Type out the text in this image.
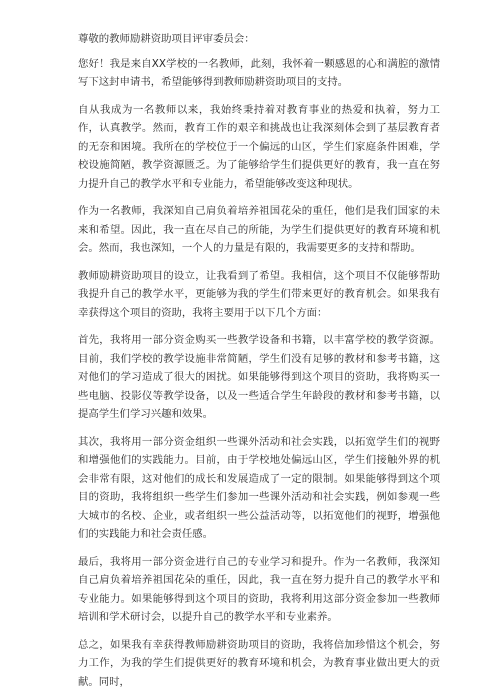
尊敬的教师励耕资助项目评审委员会：

您好！我是来自XX学校的一名教师，此刻，我怀着一颗感恩的心和满腔的激情写下这封申请书，希望能够得到教师励耕资助项目的支持。

自从我成为一名教师以来，我始终秉持着对教育事业的热爱和执着，努力工作，认真教学。然而，教育工作的艰辛和挑战也让我深刻体会到了基层教育者的无奈和困境。我所在的学校位于一个偏远的山区，学生们家庭条件困难，学校设施简陋，教学资源匮乏。为了能够给学生们提供更好的教育，我一直在努力提升自己的教学水平和专业能力，希望能够改变这种现状。

作为一名教师，我深知自己肩负着培养祖国花朵的重任，他们是我们国家的未来和希望。因此，我一直在尽自己的所能，为学生们提供更好的教育环境和机会。然而，我也深知，一个人的力量是有限的，我需要更多的支持和帮助。

教师励耕资助项目的设立，让我看到了希望。我相信，这个项目不仅能够帮助我提升自己的教学水平，更能够为我的学生们带来更好的教育机会。如果我有幸获得这个项目的资助，我将主要用于以下几个方面：

首先，我将用一部分资金购买一些教学设备和书籍，以丰富学校的教学资源。目前，我们学校的教学设施非常简陋，学生们没有足够的教材和参考书籍，这对他们的学习造成了很大的困扰。如果能够得到这个项目的资助，我将购买一些电脑、投影仪等教学设备，以及一些适合学生年龄段的教材和参考书籍，以提高学生们学习兴趣和效果。

其次，我将用一部分资金组织一些课外活动和社会实践，以拓宽学生们的视野和增强他们的实践能力。目前，由于学校地处偏远山区，学生们接触外界的机会非常有限，这对他们的成长和发展造成了一定的限制。如果能够得到这个项目的资助，我将组织一些学生们参加一些课外活动和社会实践，例如参观一些大城市的名校、企业，或者组织一些公益活动等，以拓宽他们的视野，增强他们的实践能力和社会责任感。

最后，我将用一部分资金进行自己的专业学习和提升。作为一名教师，我深知自己肩负着培养祖国花朵的重任，因此，我一直在努力提升自己的教学水平和专业能力。如果能够得到这个项目的资助，我将利用这部分资金参加一些教师培训和学术研讨会，以提升自己的教学水平和专业素养。

总之，如果我有幸获得教师励耕资助项目的资助，我将倍加珍惜这个机会，努力工作，为我的学生们提供更好的教育环境和机会，为教育事业做出更大的贡献。同时，
